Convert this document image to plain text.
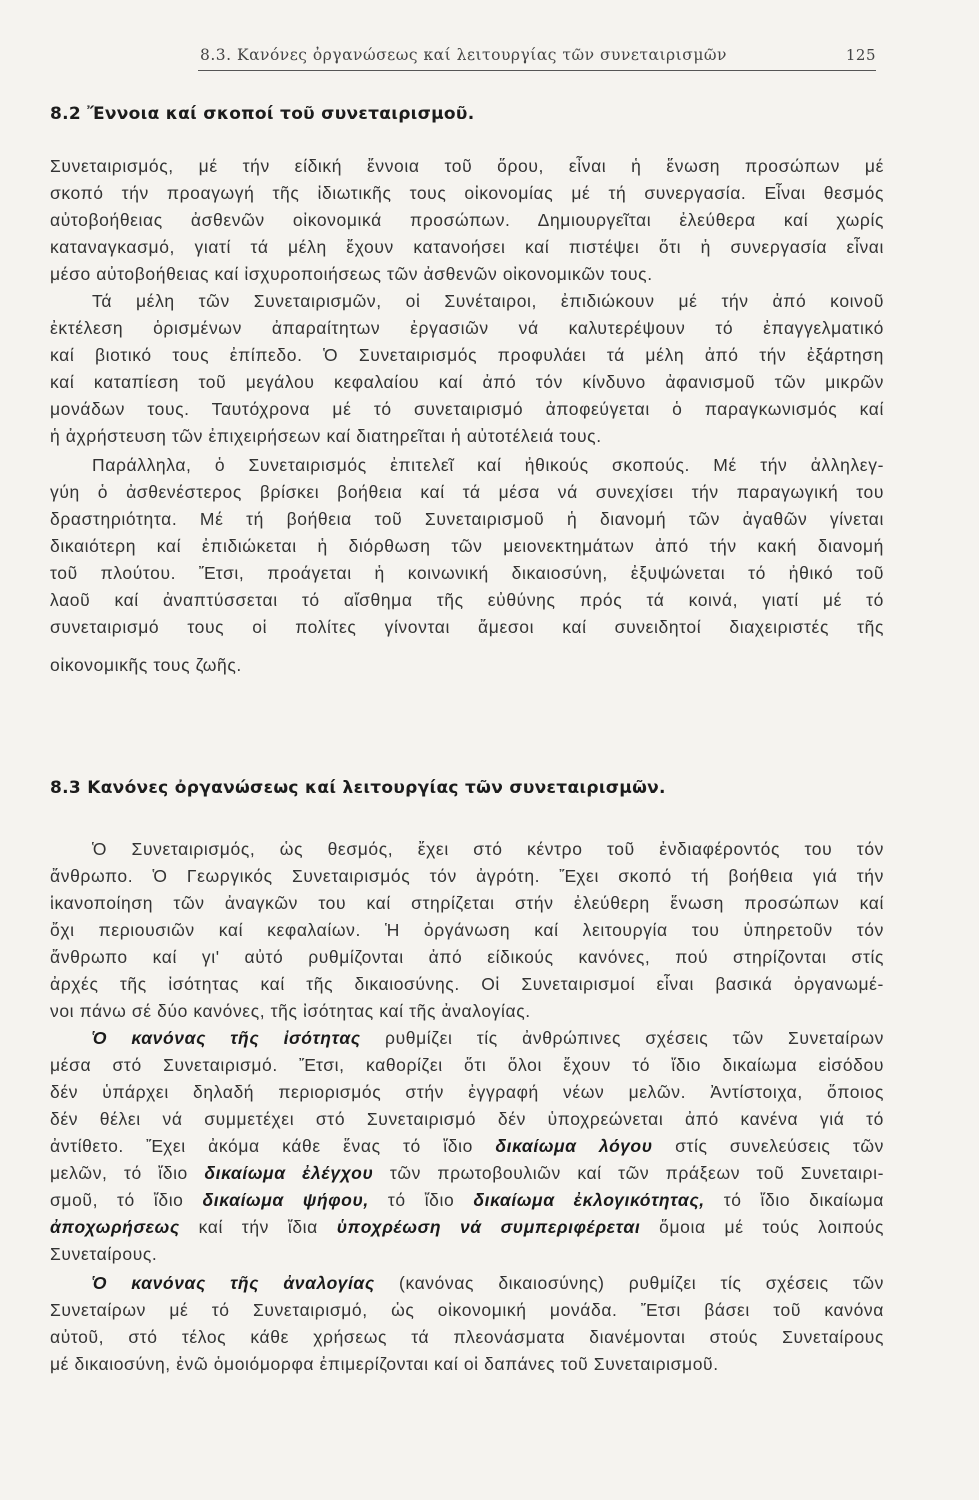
8.3. Κανόνες ὀργανώσεως καί λειτουργίας τῶν συνεταιρισμῶν	125
8.2 Ἔννοια καί σκοποί τοῦ συνεταιρισμοῦ.
Συνεταιρισμός, μέ τήν είδική ἔννοια τοῦ ὅρου, εἶναι ἡ ἕνωση προσώπων μέ
σκοπό τήν προαγωγή τῆς ἰδιωτικῆς τους οἰκονομίας μέ τή συνεργασία. Εἶναι θεσμός
αὐτοβοήθειας ἀσθενῶν οἰκονομικά προσώπων. Δημιουργεῖται ἐλεύθερα καί χωρίς
καταναγκασμό, γιατί τά μέλη ἔχουν κατανοήσει καί πιστέψει ὅτι ἡ συνεργασία εἶναι
μέσο αὐτοβοήθειας καί ἰσχυροποιήσεως τῶν ἀσθενῶν οἰκονομικῶν τους.
Τά μέλη τῶν Συνεταιρισμῶν, οἱ Συνέταιροι, ἐπιδιώκουν μέ τήν ἀπό κοινοῦ
ἐκτέλεση ὁρισμένων ἀπαραίτητων ἐργασιῶν νά καλυτερέψουν τό ἐπαγγελματικό
καί βιοτικό τους ἐπίπεδο. Ὁ Συνεταιρισμός προφυλάει τά μέλη ἀπό τήν ἐξάρτηση
καί καταπίεση τοῦ μεγάλου κεφαλαίου καί ἀπό τόν κίνδυνο ἀφανισμοῦ τῶν μικρῶν
μονάδων τους. Ταυτόχρονα μέ τό συνεταιρισμό ἀποφεύγεται ὁ παραγκωνισμός καί
ἡ ἀχρήστευση τῶν ἐπιχειρήσεων καί διατηρεῖται ἡ αὐτοτέλειά τους.
Παράλληλα, ὁ Συνεταιρισμός ἐπιτελεῖ καί ἠθικούς σκοπούς. Μέ τήν ἀλληλεγ-
γύη ὁ ἀσθενέστερος βρίσκει βοήθεια καί τά μέσα νά συνεχίσει τήν παραγωγική του
δραστηριότητα. Μέ τή βοήθεια τοῦ Συνεταιρισμοῦ ἡ διανομή τῶν ἀγαθῶν γίνεται
δικαιότερη καί ἐπιδιώκεται ἡ διόρθωση τῶν μειονεκτημάτων ἀπό τήν κακή διανομή
τοῦ πλούτου. Ἔτσι, προάγεται ἡ κοινωνική δικαιοσύνη, ἐξυψώνεται τό ἠθικό τοῦ
λαοῦ καί ἀναπτύσσεται τό αἴσθημα τῆς εὐθύνης πρός τά κοινά, γιατί μέ τό
συνεταιρισμό τους οἱ πολίτες γίνονται ἄμεσοι καί συνειδητοί διαχειριστές τῆς
οἰκονομικῆς τους ζωῆς.
8.3 Κανόνες ὀργανώσεως καί λειτουργίας τῶν συνεταιρισμῶν.
Ὁ Συνεταιρισμός, ὡς θεσμός, ἔχει στό κέντρο τοῦ ἐνδιαφέροντός του τόν
ἄνθρωπο. Ὁ Γεωργικός Συνεταιρισμός τόν ἀγρότη. Ἔχει σκοπό τή βοήθεια γιά τήν
ἱκανοποίηση τῶν ἀναγκῶν του καί στηρίζεται στήν ἐλεύθερη ἕνωση προσώπων καί
ὄχι περιουσιῶν καί κεφαλαίων. Ἡ ὀργάνωση καί λειτουργία του ὑπηρετοῦν τόν
ἄνθρωπο καί γι' αὐτό ρυθμίζονται ἀπό είδικούς κανόνες, πού στηρίζονται στίς
ἀρχές τῆς ἰσότητας καί τῆς δικαιοσύνης. Οἱ Συνεταιρισμοί εἶναι βασικά ὀργανωμέ-
νοι πάνω σέ δύο κανόνες, τῆς ἰσότητας καί τῆς ἀναλογίας.
Ὁ κανόνας τῆς ἰσότητας ρυθμίζει τίς ἀνθρώπινες σχέσεις τῶν Συνεταίρων
μέσα στό Συνεταιρισμό. Ἔτσι, καθορίζει ὅτι ὅλοι ἔχουν τό ἴδιο δικαίωμα εἰσόδου
δέν ὑπάρχει δηλαδή περιορισμός στήν ἐγγραφή νέων μελῶν. Ἀντίστοιχα, ὅποιος
δέν θέλει νά συμμετέχει στό Συνεταιρισμό δέν ὑποχρεώνεται ἀπό κανένα γιά τό
ἀντίθετο. Ἔχει ἀκόμα κάθε ἕνας τό ἴδιο δικαίωμα λόγου στίς συνελεύσεις τῶν
μελῶν, τό ἴδιο δικαίωμα ἐλέγχου τῶν πρωτοβουλιῶν καί τῶν πράξεων τοῦ Συνεταιρι-
σμοῦ, τό ἴδιο δικαίωμα ψήφου, τό ἴδιο δικαίωμα ἐκλογικότητας, τό ἴδιο δικαίωμα
ἀποχωρήσεως καί τήν ἴδια ὑποχρέωση νά συμπεριφέρεται ὅμοια μέ τούς λοιπούς
Συνεταίρους.
Ὁ κανόνας τῆς ἀναλογίας (κανόνας δικαιοσύνης) ρυθμίζει τίς σχέσεις τῶν
Συνεταίρων μέ τό Συνεταιρισμό, ὡς οἰκονομική μονάδα. Ἔτσι βάσει τοῦ κανόνα
αὐτοῦ, στό τέλος κάθε χρήσεως τά πλεονάσματα διανέμονται στούς Συνεταίρους
μέ δικαιοσύνη, ἐνῶ ὁμοιόμορφα ἐπιμερίζονται καί οἱ δαπάνες τοῦ Συνεταιρισμοῦ.
